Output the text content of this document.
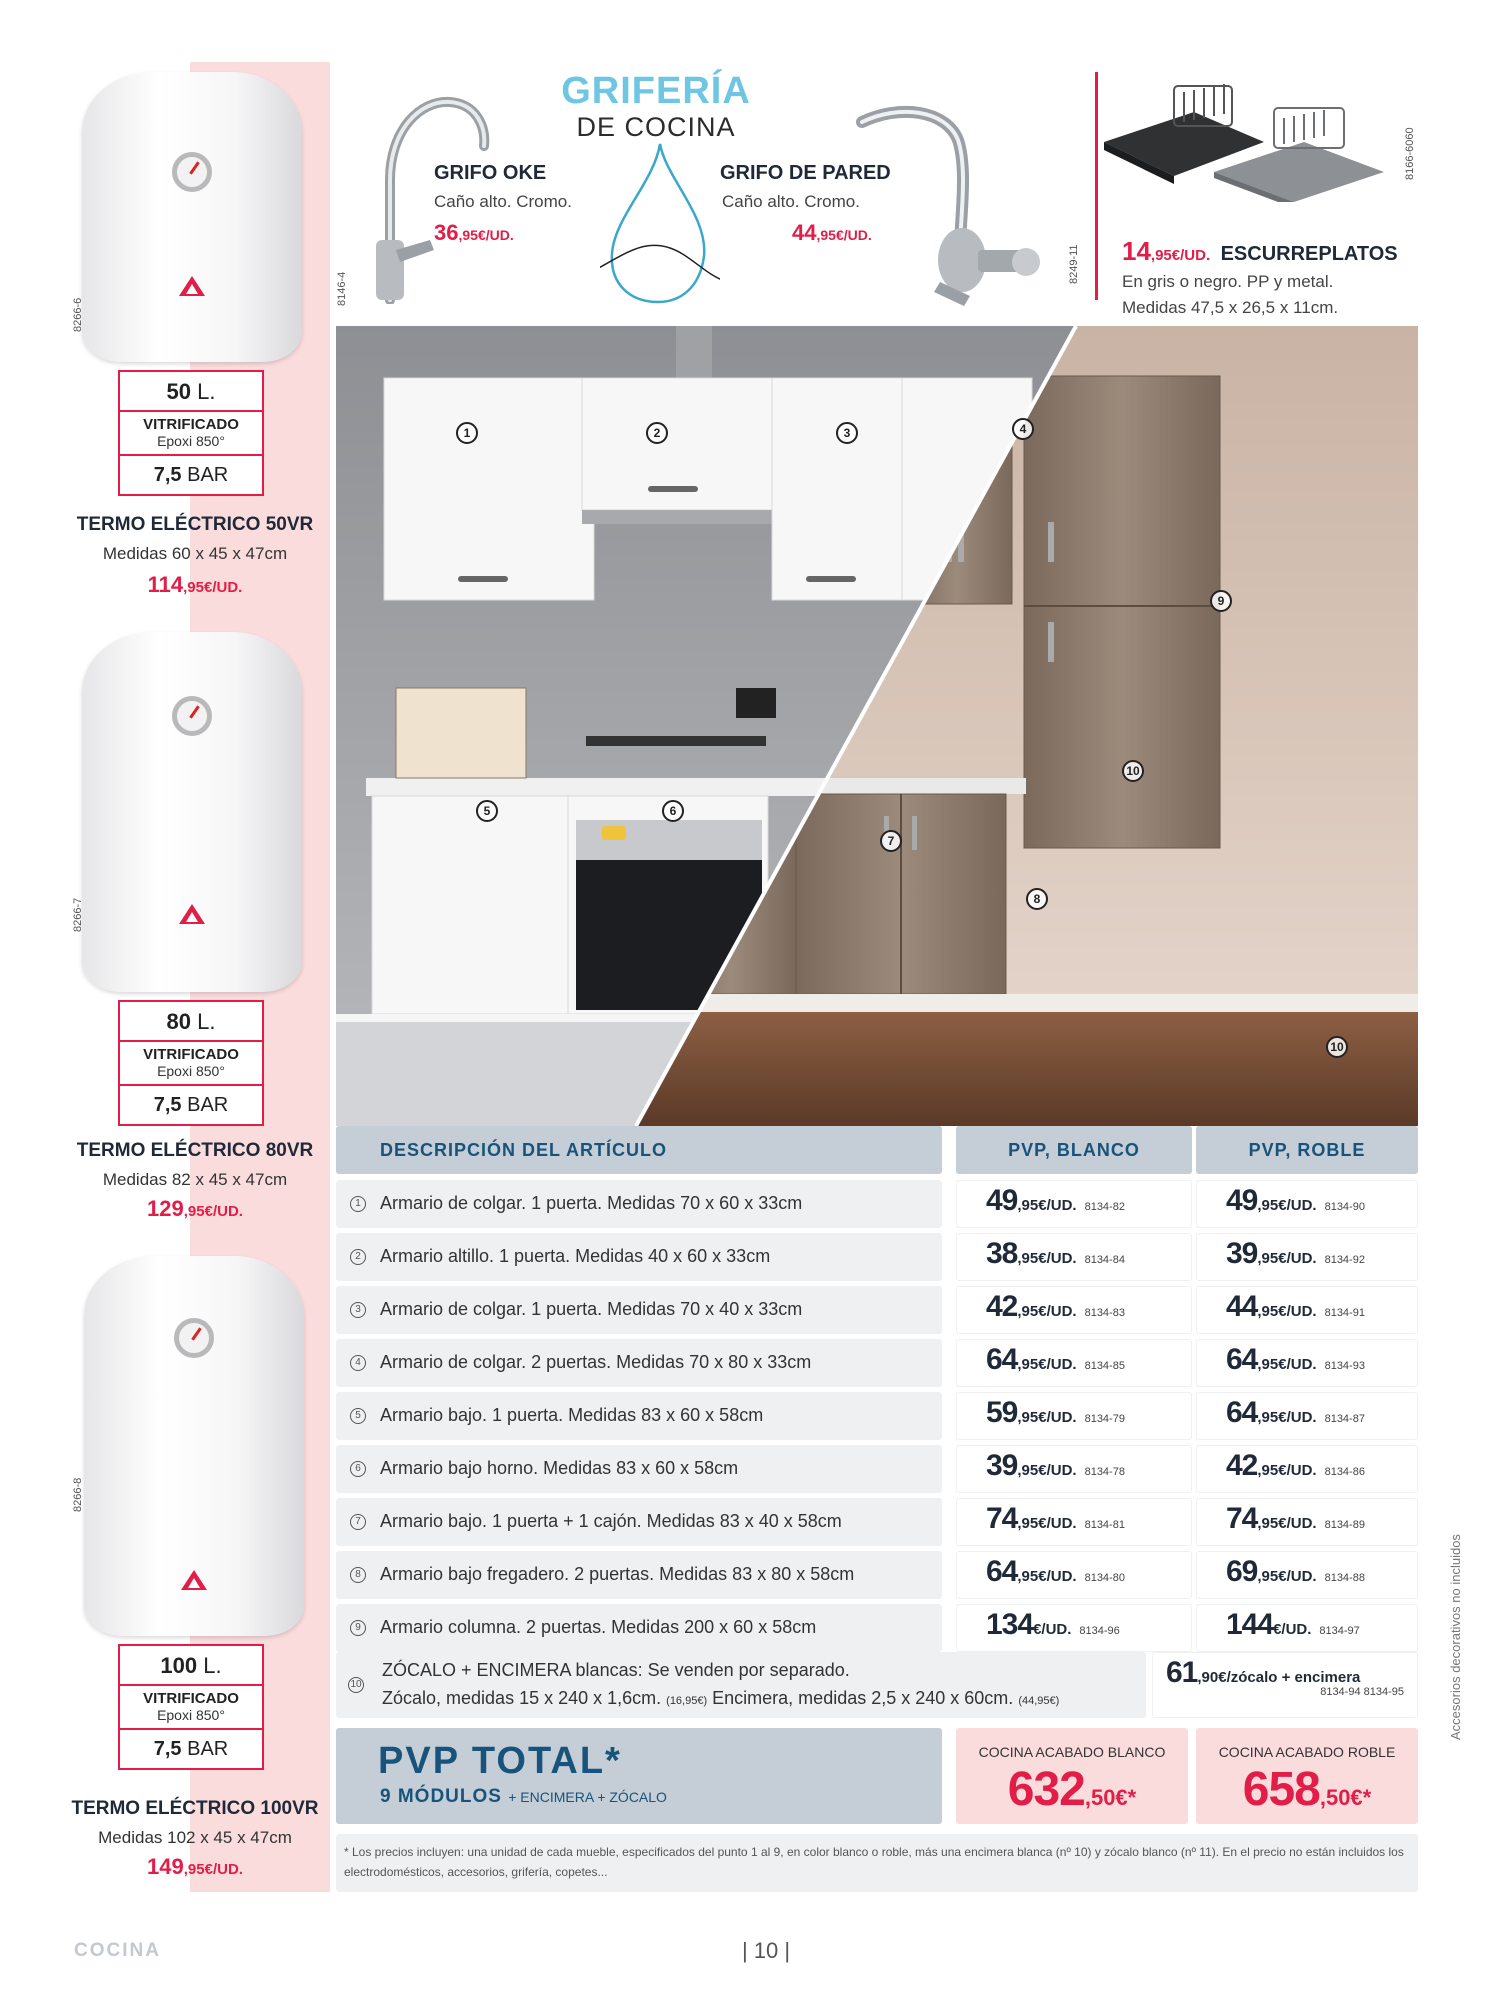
8266-6
50 L.
VITRIFICADO
Epoxi 850°
7,5 BAR
TERMO ELÉCTRICO 50VR
Medidas 60 x 45 x 47cm
114,95€/UD.
8266-7
80 L.
VITRIFICADO
Epoxi 850°
7,5 BAR
TERMO ELÉCTRICO 80VR
Medidas 82 x 45 x 47cm
129,95€/UD.
8266-8
100 L.
VITRIFICADO
Epoxi 850°
7,5 BAR
TERMO ELÉCTRICO 100VR
Medidas 102 x 45 x 47cm
149,95€/UD.
GRIFERÍA
DE COCINA
8146-4
GRIFO OKE
Caño alto. Cromo.
36,95€/UD.
GRIFO DE PARED
Caño alto. Cromo.
44,95€/UD.
8249-11
8166-6060
14,95€/UD. ESCURREPLATOS
En gris o negro. PP y metal.
Medidas 47,5 x 26,5 x 11cm.
1	2	3	4
5	6
7
8
9
10
10
DESCRIPCIÓN DEL ARTÍCULO	PVP, BLANCO	PVP, ROBLE
1 Armario de colgar. 1 puerta. Medidas 70 x 60 x 33cm	49,95€/UD. 8134-82	49,95€/UD. 8134-90
2 Armario altillo. 1 puerta. Medidas 40 x 60 x 33cm	38,95€/UD. 8134-84	39,95€/UD. 8134-92
3 Armario de colgar. 1 puerta. Medidas 70 x 40 x 33cm	42,95€/UD. 8134-83	44,95€/UD. 8134-91
4 Armario de colgar. 2 puertas. Medidas 70 x 80 x 33cm	64,95€/UD. 8134-85	64,95€/UD. 8134-93
5 Armario bajo. 1 puerta. Medidas 83 x 60 x 58cm	59,95€/UD. 8134-79	64,95€/UD. 8134-87
6 Armario bajo horno. Medidas 83 x 60 x 58cm	39,95€/UD. 8134-78	42,95€/UD. 8134-86
7 Armario bajo. 1 puerta + 1 cajón. Medidas 83 x 40 x 58cm	74,95€/UD. 8134-81	74,95€/UD. 8134-89
8 Armario bajo fregadero. 2 puertas. Medidas 83 x 80 x 58cm	64,95€/UD. 8134-80	69,95€/UD. 8134-88
9 Armario columna. 2 puertas. Medidas 200 x 60 x 58cm	134€/UD. 8134-96	144€/UD. 8134-97
10
ZÓCALO + ENCIMERA blancas: Se venden por separado.
Zócalo, medidas 15 x 240 x 1,6cm. (16,95€) Encimera, medidas 2,5 x 240 x 60cm. (44,95€)
61,90€/zócalo + encimera
8134-94 8134-95
PVP TOTAL*
9 MÓDULOS + ENCIMERA + ZÓCALO
COCINA ACABADO BLANCO
632,50€*
COCINA ACABADO ROBLE
658,50€*
* Los precios incluyen: una unidad de cada mueble, especificados del punto 1 al 9, en color blanco o roble, más una encimera blanca (nº 10) y zócalo blanco (nº 11). En el precio no están incluidos los electrodomésticos, accesorios, grifería, copetes...
Accesorios decorativos no incluidos
COCINA	| 10 |
